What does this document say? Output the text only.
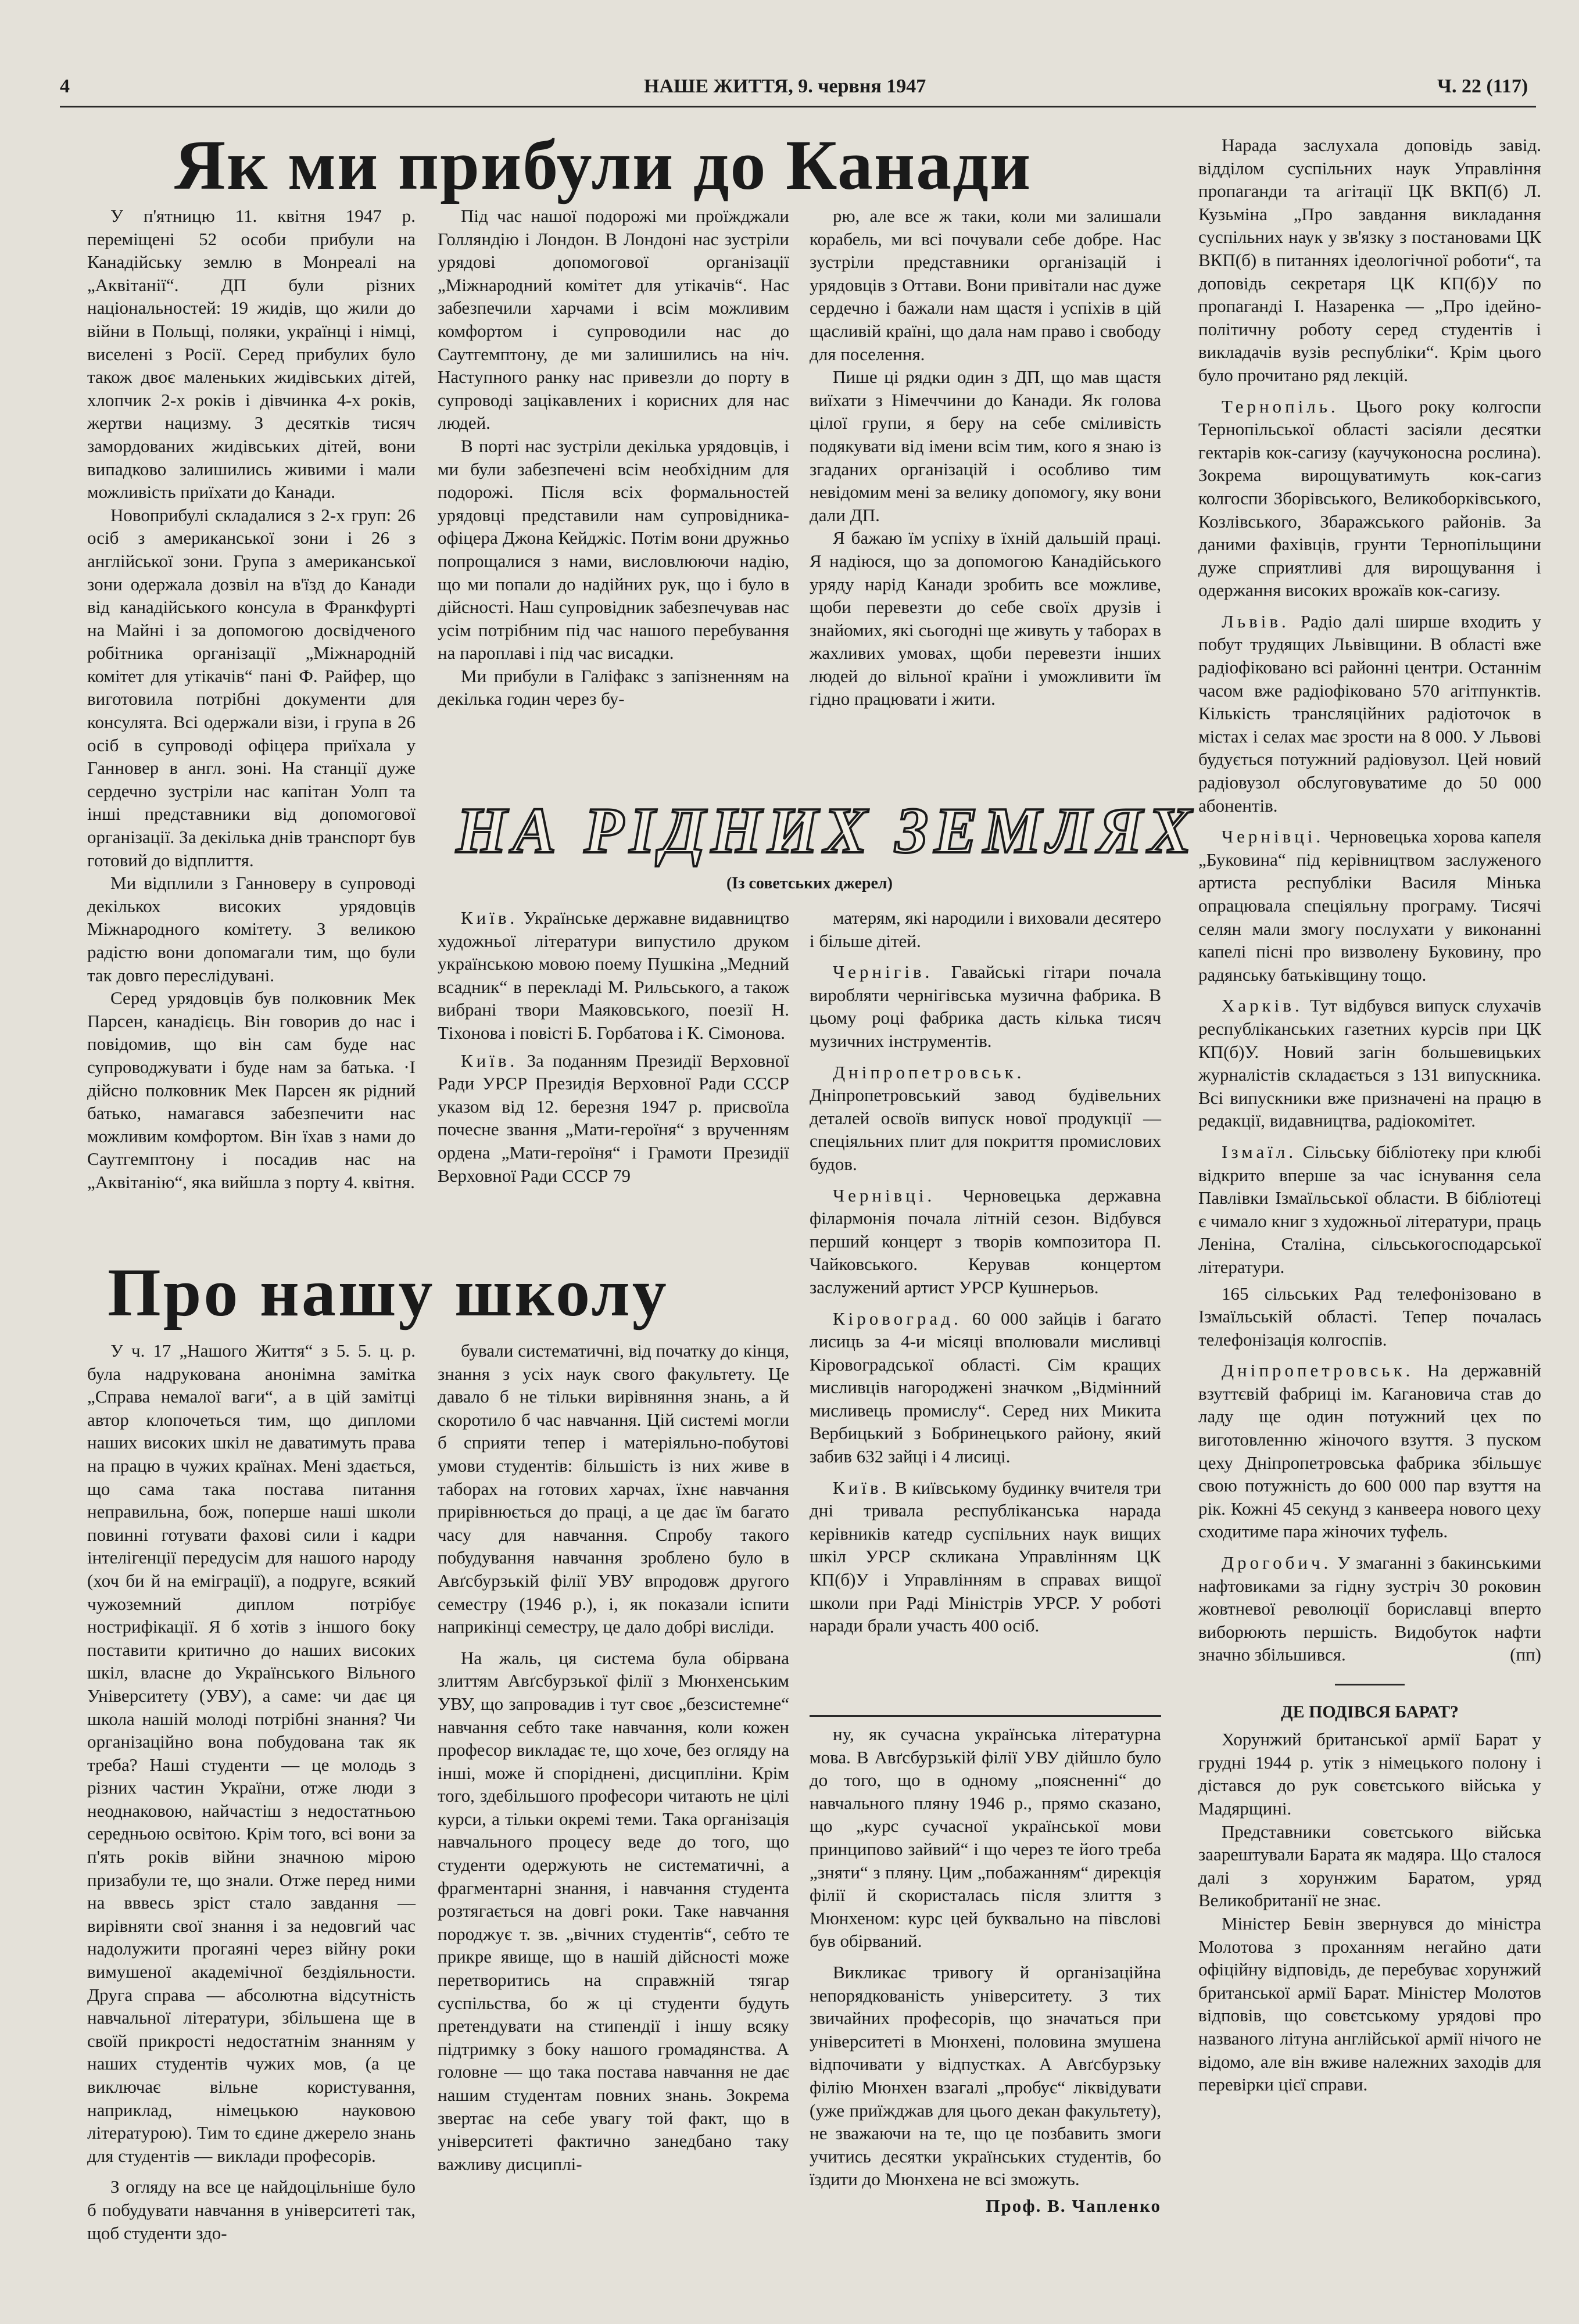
4	НАШЕ ЖИТТЯ, 9. червня 1947	Ч. 22 (117)
Як ми прибули до Канади

У п'ятницю 11. квітня 1947 р. переміщені 52 особи прибули на Канадійську землю в Монреалі на „Аквітанії“. ДП були різних національностей: 19 жидів, що жили до війни в Польщі, поляки, українці і німці, виселені з Росії. Серед прибулих було також двоє маленьких жидівських дітей, хлопчик 2-х років і дівчинка 4-х років, жертви нацизму. З десятків тисяч замордованих жидівських дітей, вони випадково залишились живими і мали можливість приїхати до Канади.

Новоприбулі складалися з 2-х груп: 26 осіб з американської зони і 26 з англійської зони. Група з американської зони одержала дозвіл на в'їзд до Канади від канадійського консула в Франкфурті на Майні і за допомогою досвідченого робітника організації „Міжнародній комітет для утікачів“ пані Ф. Райфер, що виготовила потрібні документи для консулята. Всі одержали візи, і група в 26 осіб в супроводі офіцера приїхала у Ганновер в англ. зоні. На станції дуже сердечно зустріли нас капітан Уолп та інші представники від допомогової організації. За декілька днів транспорт був готовий до відплиття.

Ми відплили з Ганноверу в супроводі декількох високих урядовців Міжнародного комітету. З великою радістю вони допомагали тим, що були так довго переслідувані.

Серед урядовців був полковник Мек Парсен, канадієць. Він говорив до нас і повідомив, що він сам буде нас супроводжувати і буде нам за батька. ·І дійсно полковник Мек Парсен як рідний батько, намагався забезпечити нас можливим комфортом. Він їхав з нами до Саутгемптону і посадив нас на „Аквітанію“, яка вийшла з порту 4. квітня.

Під час нашої подорожі ми проїжджали Голляндію і Лондон. В Лондоні нас зустріли урядові допомогової організації „Міжнародний комітет для утікачів“. Нас забезпечили харчами і всім можливим комфортом і супроводили нас до Саутгемптону, де ми залишились на ніч. Наступного ранку нас привезли до порту в супроводі зацікавлених і корисних для нас людей.

В порті нас зустріли декілька урядовців, і ми були забезпечені всім необхідним для подорожі. Після всіх формальностей урядовці представили нам супровідника-офіцера Джона Кейджіс. Потім вони дружньо попрощалися з нами, висловлюючи надію, що ми попали до надійних рук, що і було в дійсності. Наш супровідник забезпечував нас усім потрібним під час нашого перебування на пароплаві і під час висадки.

Ми прибули в Галіфакс з запізненням на декілька годин через бу-

рю, але все ж таки, коли ми залишали корабель, ми всі почували себе добре. Нас зустріли представники організацій і урядовців з Оттави. Вони привітали нас дуже сердечно і бажали нам щастя і успіхів в цій щасливій країні, що дала нам право і свободу для поселення.

Пише ці рядки один з ДП, що мав щастя виїхати з Німеччини до Канади. Як голова цілої групи, я беру на себе сміливість подякувати від імени всім тим, кого я знаю із згаданих організацій і особливо тим невідомим мені за велику допомогу, яку вони дали ДП.

Я бажаю їм успіху в їхній дальшій праці. Я надіюся, що за допомогою Канадійського уряду нарід Канади зробить все можливе, щоби перевезти до себе своїх друзів і знайомих, які сьогодні ще живуть у таборах в жахливих умовах, щоби перевезти інших людей до вільної країни і уможливити їм гідно працювати і жити.

НА РІДНИХ ЗЕМЛЯХ
(Із советських джерел)

Київ. Українське державне видавництво художньої літератури випустило друком українською мовою поему Пушкіна „Медний всадник“ в перекладі М. Рильського, а також вибрані твори Маяковського, поезії Н. Тіхонова і повісті Б. Горбатова і К. Сімонова.

Київ. За поданням Президії Верховної Ради УРСР Президія Верховної Ради СССР указом від 12. березня 1947 р. присвоїла почесне звання „Мати-героїня“ з врученням ордена „Мати-героїня“ і Грамоти Президії Верховної Ради СССР 79

матерям, які народили і виховали десятеро і більше дітей.

Чернігів. Гавайські гітари почала виробляти чернігівська музична фабрика. В цьому році фабрика дасть кілька тисяч музичних інструментів.

Дніпропетровськ. Дніпропетровський завод будівельних деталей освоїв випуск нової продукції — спеціяльних плит для покриття промислових будов.

Чернівці. Черновецька державна філармонія почала літній сезон. Відбувся перший концерт з творів композитора П. Чайковського. Керував концертом заслужений артист УРСР Кушнерьов.

Кіровоград. 60 000 зайців і багато лисиць за 4-и місяці вполювали мисливці Кіровоградської області. Сім кращих мисливців нагороджені значком „Відмінний мисливець промислу“. Серед них Микита Вербицький з Бобринецького району, який забив 632 зайці і 4 лисиці.

Київ. В київському будинку вчителя три дні тривала республіканська нарада керівників катедр суспільних наук вищих шкіл УРСР скликана Управлінням ЦК КП(б)У і Управлінням в справах вищої школи при Раді Міністрів УРСР. У роботі наради брали участь 400 осіб.

Нарада заслухала доповідь завід. відділом суспільних наук Управління пропаганди та агітації ЦК ВКП(б) Л. Кузьміна „Про завдання викладання суспільних наук у зв'язку з постановами ЦК ВКП(б) в питаннях ідеологічної роботи“, та доповідь секретаря ЦК КП(б)У по пропаганді І. Назаренка — „Про ідейно-політичну роботу серед студентів і викладачів вузів республіки“. Крім цього було прочитано ряд лекцій.

Тернопіль. Цього року колгоспи Тернопільської області засіяли десятки гектарів кок-сагизу (каучуконосна рослина). Зокрема вирощуватимуть кок-сагиз колгоспи Зборівського, Великоборківського, Козлівського, Збаражського районів. За даними фахівців, грунти Тернопільщини дуже сприятливі для вирощування і одержання високих врожаїв кок-сагизу.

Львів. Радіо далі ширше входить у побут трудящих Львівщини. В області вже радіофіковано всі районні центри. Останнім часом вже радіофіковано 570 агітпунктів. Кількість трансляційних радіоточок в містах і селах має зрости на 8 000. У Львові будується потужний радіовузол. Цей новий радіовузол обслуговуватиме до 50 000 абонентів.

Чернівці. Черновецька хорова капеля „Буковина“ під керівництвом заслуженого артиста республіки Василя Мінька опрацювала спеціяльну програму. Тисячі селян мали змогу послухати у виконанні капелі пісні про визволену Буковину, про радянську батьківщину тощо.

Харків. Тут відбувся випуск слухачів республіканських газетних курсів при ЦК КП(б)У. Новий загін большевицьких журналістів складається з 131 випускника. Всі випускники вже призначені на працю в редакції, видавництва, радіокомітет.

Ізмаїл. Сільську бібліотеку при клюбі відкрито вперше за час існування села Павлівки Ізмаїльської области. В бібліотеці є чимало книг з художньої літератури, праць Леніна, Сталіна, сільськогосподарської літератури.

165 сільських Рад телефонізовано в Ізмаїльській області. Тепер почалась телефонізація колгоспів.

Дніпропетровськ. На державній взуттєвій фабриці ім. Кагановича став до ладу ще один потужний цех по виготовленню жіночого взуття. З пуском цеху Дніпропетровська фабрика збільшує свою потужність до 600 000 пар взуття на рік. Кожні 45 секунд з канвеера нового цеху сходитиме пара жіночих туфель.

Дрогобич. У змаганні з бакинськими нафтовиками за гідну зустріч 30 роковин жовтневої революції бориславці вперто виборюють першість. Видобуток нафти значно збільшився.	(пп)
ДЕ ПОДІВСЯ БАРАТ?

Хорунжий бритaнської армії Барат у грудні 1944 р. утік з німецького полону і дістався до рук совєтського війська у Мадярщині.

Представники совєтського війська заарештували Барата як мадяра. Що сталося далі з хорунжим Баратом, уряд Великобританії не знає.

Міністер Бевін звернувся до міністра Молотова з проханням негайно дати офіційну відповідь, де перебуває хорунжий британської армії Барат. Міністер Молотов відповів, що совєтському урядові про названого літуна англійської армії нічого не відомо, але він вживе належних заходів для перевірки цієї справи.

Про нашу школу

У ч. 17 „Нашого Життя“ з 5. 5. ц. р. була надрукована анонімна замітка „Справа немалої ваги“, а в цій замітці автор клопочеться тим, що дипломи наших високих шкіл не даватимуть права на працю в чужих країнах. Мені здається, що сама така постава питання неправильна, бож, поперше наші школи повинні готувати фахові сили і кадри інтелігенції передусім для нашого народу (хоч би й на еміграції), а подруге, всякий чужоземний диплом потрібує нострифікації. Я б хотів з іншого боку поставити критично до наших високих шкіл, власне до Українського Вільного Університету (УВУ), а саме: чи дає ця школа нашій молоді потрібні знання? Чи організаційно вона побудована так як треба? Наші студенти — це молодь з різних частин України, отже люди з неоднаковою, найчастіш з недостатньою середньою освітою. Крім того, всі вони за п'ять років війни значною мірою призабули те, що знали. Отже перед ними на вввесь зріст стало завдання — вирівняти свої знання і за недовгий час надолужити прогаяні через війну роки вимушеної академічної бездіяльности. Друга справа — абсолютна відсутність навчальної літератури, збільшена ще в своїй прикрості недостатнім знанням у наших студентів чужих мов, (а це виключає вільне користування, наприклад, німецькою науковою літературою). Тим то єдине джерело знань для студентів — виклади професорів.

З огляду на все це найдоцільніше було б побудувати навчання в університеті так, щоб студенти здо-

бували систематичні, від початку до кінця, знання з усіх наук свого факультету. Це давало б не тільки вирівняння знань, а й скоротило б час навчання. Цій системі могли б сприяти тепер і матеріяльно-побутові умови студентів: більшість із них живе в таборах на готових харчах, їхнє навчання прирівнюється до праці, а це дає їм багато часу для навчання. Спробу такого побудування навчання зроблено було в Авґсбурзькій філії УВУ впродовж другого семестру (1946 р.), і, як показали іспити наприкінці семестру, це дало добрі висліди.

На жаль, ця система була обірвана злиттям Авґсбурзької філії з Мюнхенським УВУ, що запровадив і тут своє „безсистемне“ навчання себто таке навчання, коли кожен професор викладає те, що хоче, без огляду на інші, може й споріднені, дисципліни. Крім того, здебільшого професори читають не цілі курси, а тільки окремі теми. Така організація навчального процесу веде до того, що студенти одержують не систематичні, а фрагментарні знання, і навчання студента розтягається на довгі роки. Таке навчання породжує т. зв. „вічних студентів“, себто те прикре явище, що в нашій дійсності може перетворитись на справжній тягар суспільства, бо ж ці студенти будуть претендувати на стипендії і іншу всяку підтримку з боку нашого громадянства. А головне — що така постава навчання не дає нашим студентам повних знань. Зокрема звертає на себе увагу той факт, що в університеті фактично занедбано таку важливу дисциплі-

ну, як сучасна українська літературна мова. В Авґсбурзькій філії УВУ дійшло було до того, що в одному „поясненні“ до навчального пляну 1946 р., прямо сказано, що „курс сучасної української мови принципово зайвий“ і що через те його треба „зняти“ з пляну. Цим „побажанням“ дирекція філії й скористалась після злиття з Мюнхеном: курс цей буквально на півслові був обірваний.

Викликає тривогу й організаційна непорядкованість університету. З тих звичайних професорів, що значаться при університеті в Мюнхені, половина змушена відпочивати у відпустках. А Авґсбурзьку філію Мюнхен взагалі „пробує“ ліквідувати (уже приїжджав для цього декан факультету), не зважаючи на те, що це позбавить змоги учитись десятки українських студентів, бо їздити до Мюнхена не всі зможуть.

Проф. В. Чапленко
